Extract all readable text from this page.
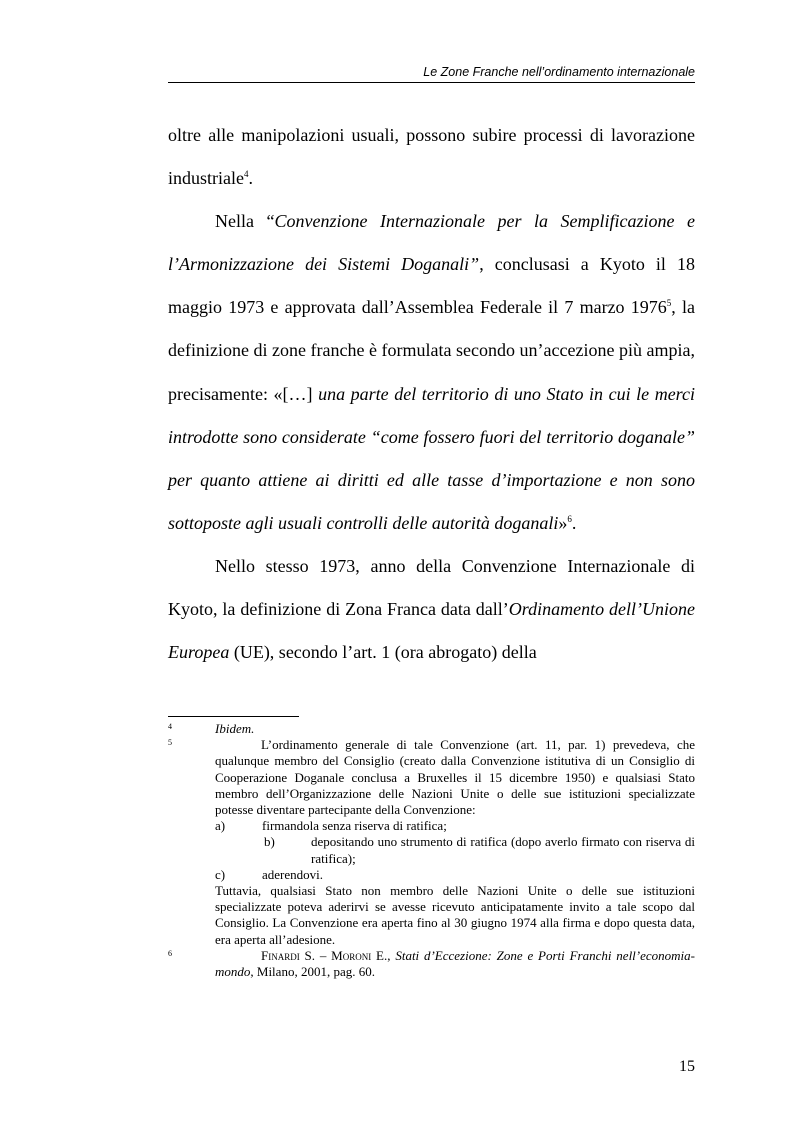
Le Zone Franche nell’ordinamento internazionale

oltre alle manipolazioni usuali, possono subire processi di lavorazione industriale$^4$.

Nella “Convenzione Internazionale per la Semplificazione e l’Armonizzazione dei Sistemi Doganali”, conclusasi a Kyoto il 18 maggio 1973 e approvata dall’Assemblea Federale il 7 marzo 1976$^5$, la definizione di zone franche è formulata secondo un’accezione più ampia, precisamente: «[…] una parte del territorio di uno Stato in cui le merci introdotte sono considerate “come fossero fuori del territorio doganale” per quanto attiene ai diritti ed alle tasse d’importazione e non sono sottoposte agli usuali controlli delle autorità doganali»$^6$.

Nello stesso 1973, anno della Convenzione Internazionale di Kyoto, la definizione di Zona Franca data dall’Ordinamento dell’Unione Europea (UE), secondo l’art. 1 (ora abrogato) della

4	Ibidem.
5	L’ordinamento generale di tale Convenzione (art. 11, par. 1) prevedeva, che qualunque membro del Consiglio (creato dalla Convenzione istitutiva di un Consiglio di Cooperazione Doganale conclusa a Bruxelles il 15 dicembre 1950) e qualsiasi Stato membro dell’Organizzazione delle Nazioni Unite o delle sue istituzioni specializzate potesse diventare partecipante della Convenzione:
a)	firmandola senza riserva di ratifica;
b)	depositando uno strumento di ratifica (dopo averlo firmato con riserva di ratifica);
c)	aderendovi.
Tuttavia, qualsiasi Stato non membro delle Nazioni Unite o delle sue istituzioni specializzate poteva aderirvi se avesse ricevuto anticipatamente invito a tale scopo dal Consiglio. La Convenzione era aperta fino al 30 giugno 1974 alla firma e dopo questa data, era aperta all’adesione.
6	Finardi S. – Moroni E., Stati d’Eccezione: Zone e Porti Franchi nell’economia-mondo, Milano, 2001, pag. 60.
15
